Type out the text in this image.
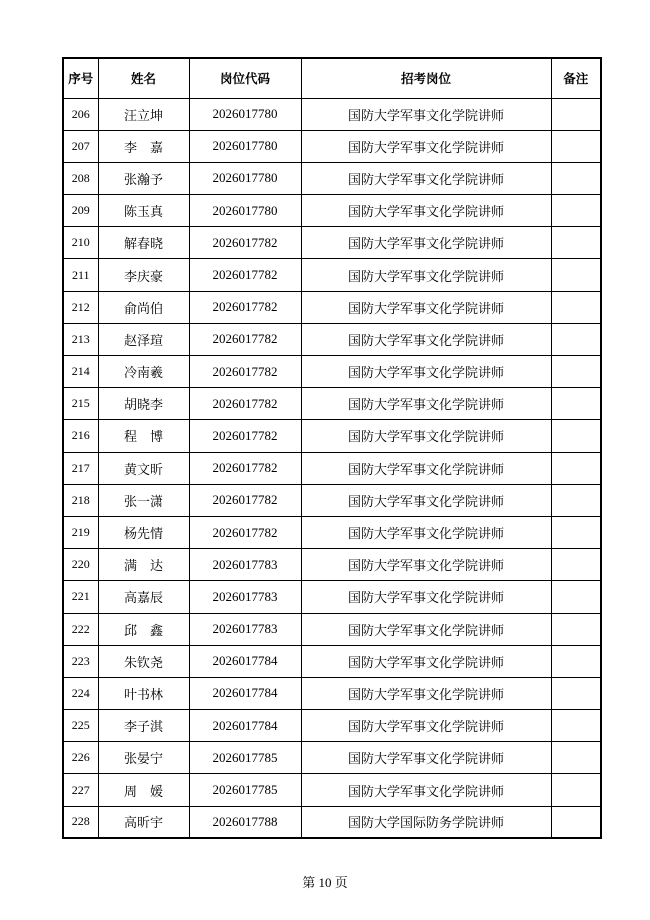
序号	姓名	岗位代码	招考岗位	备注
206	汪立坤	2026017780	国防大学军事文化学院讲师	
207	李　嘉	2026017780	国防大学军事文化学院讲师	
208	张瀚予	2026017780	国防大学军事文化学院讲师	
209	陈玉真	2026017780	国防大学军事文化学院讲师	
210	解春晓	2026017782	国防大学军事文化学院讲师	
211	李庆豪	2026017782	国防大学军事文化学院讲师	
212	俞尚伯	2026017782	国防大学军事文化学院讲师	
213	赵泽瑄	2026017782	国防大学军事文化学院讲师	
214	冷南羲	2026017782	国防大学军事文化学院讲师	
215	胡晓李	2026017782	国防大学军事文化学院讲师	
216	程　博	2026017782	国防大学军事文化学院讲师	
217	黄文昕	2026017782	国防大学军事文化学院讲师	
218	张一潇	2026017782	国防大学军事文化学院讲师	
219	杨先情	2026017782	国防大学军事文化学院讲师	
220	满　达	2026017783	国防大学军事文化学院讲师	
221	高嘉辰	2026017783	国防大学军事文化学院讲师	
222	邱　鑫	2026017783	国防大学军事文化学院讲师	
223	朱钦尧	2026017784	国防大学军事文化学院讲师	
224	叶书林	2026017784	国防大学军事文化学院讲师	
225	李子淇	2026017784	国防大学军事文化学院讲师	
226	张晏宁	2026017785	国防大学军事文化学院讲师	
227	周　媛	2026017785	国防大学军事文化学院讲师	
228	高昕宇	2026017788	国防大学国际防务学院讲师	
第 10 页
